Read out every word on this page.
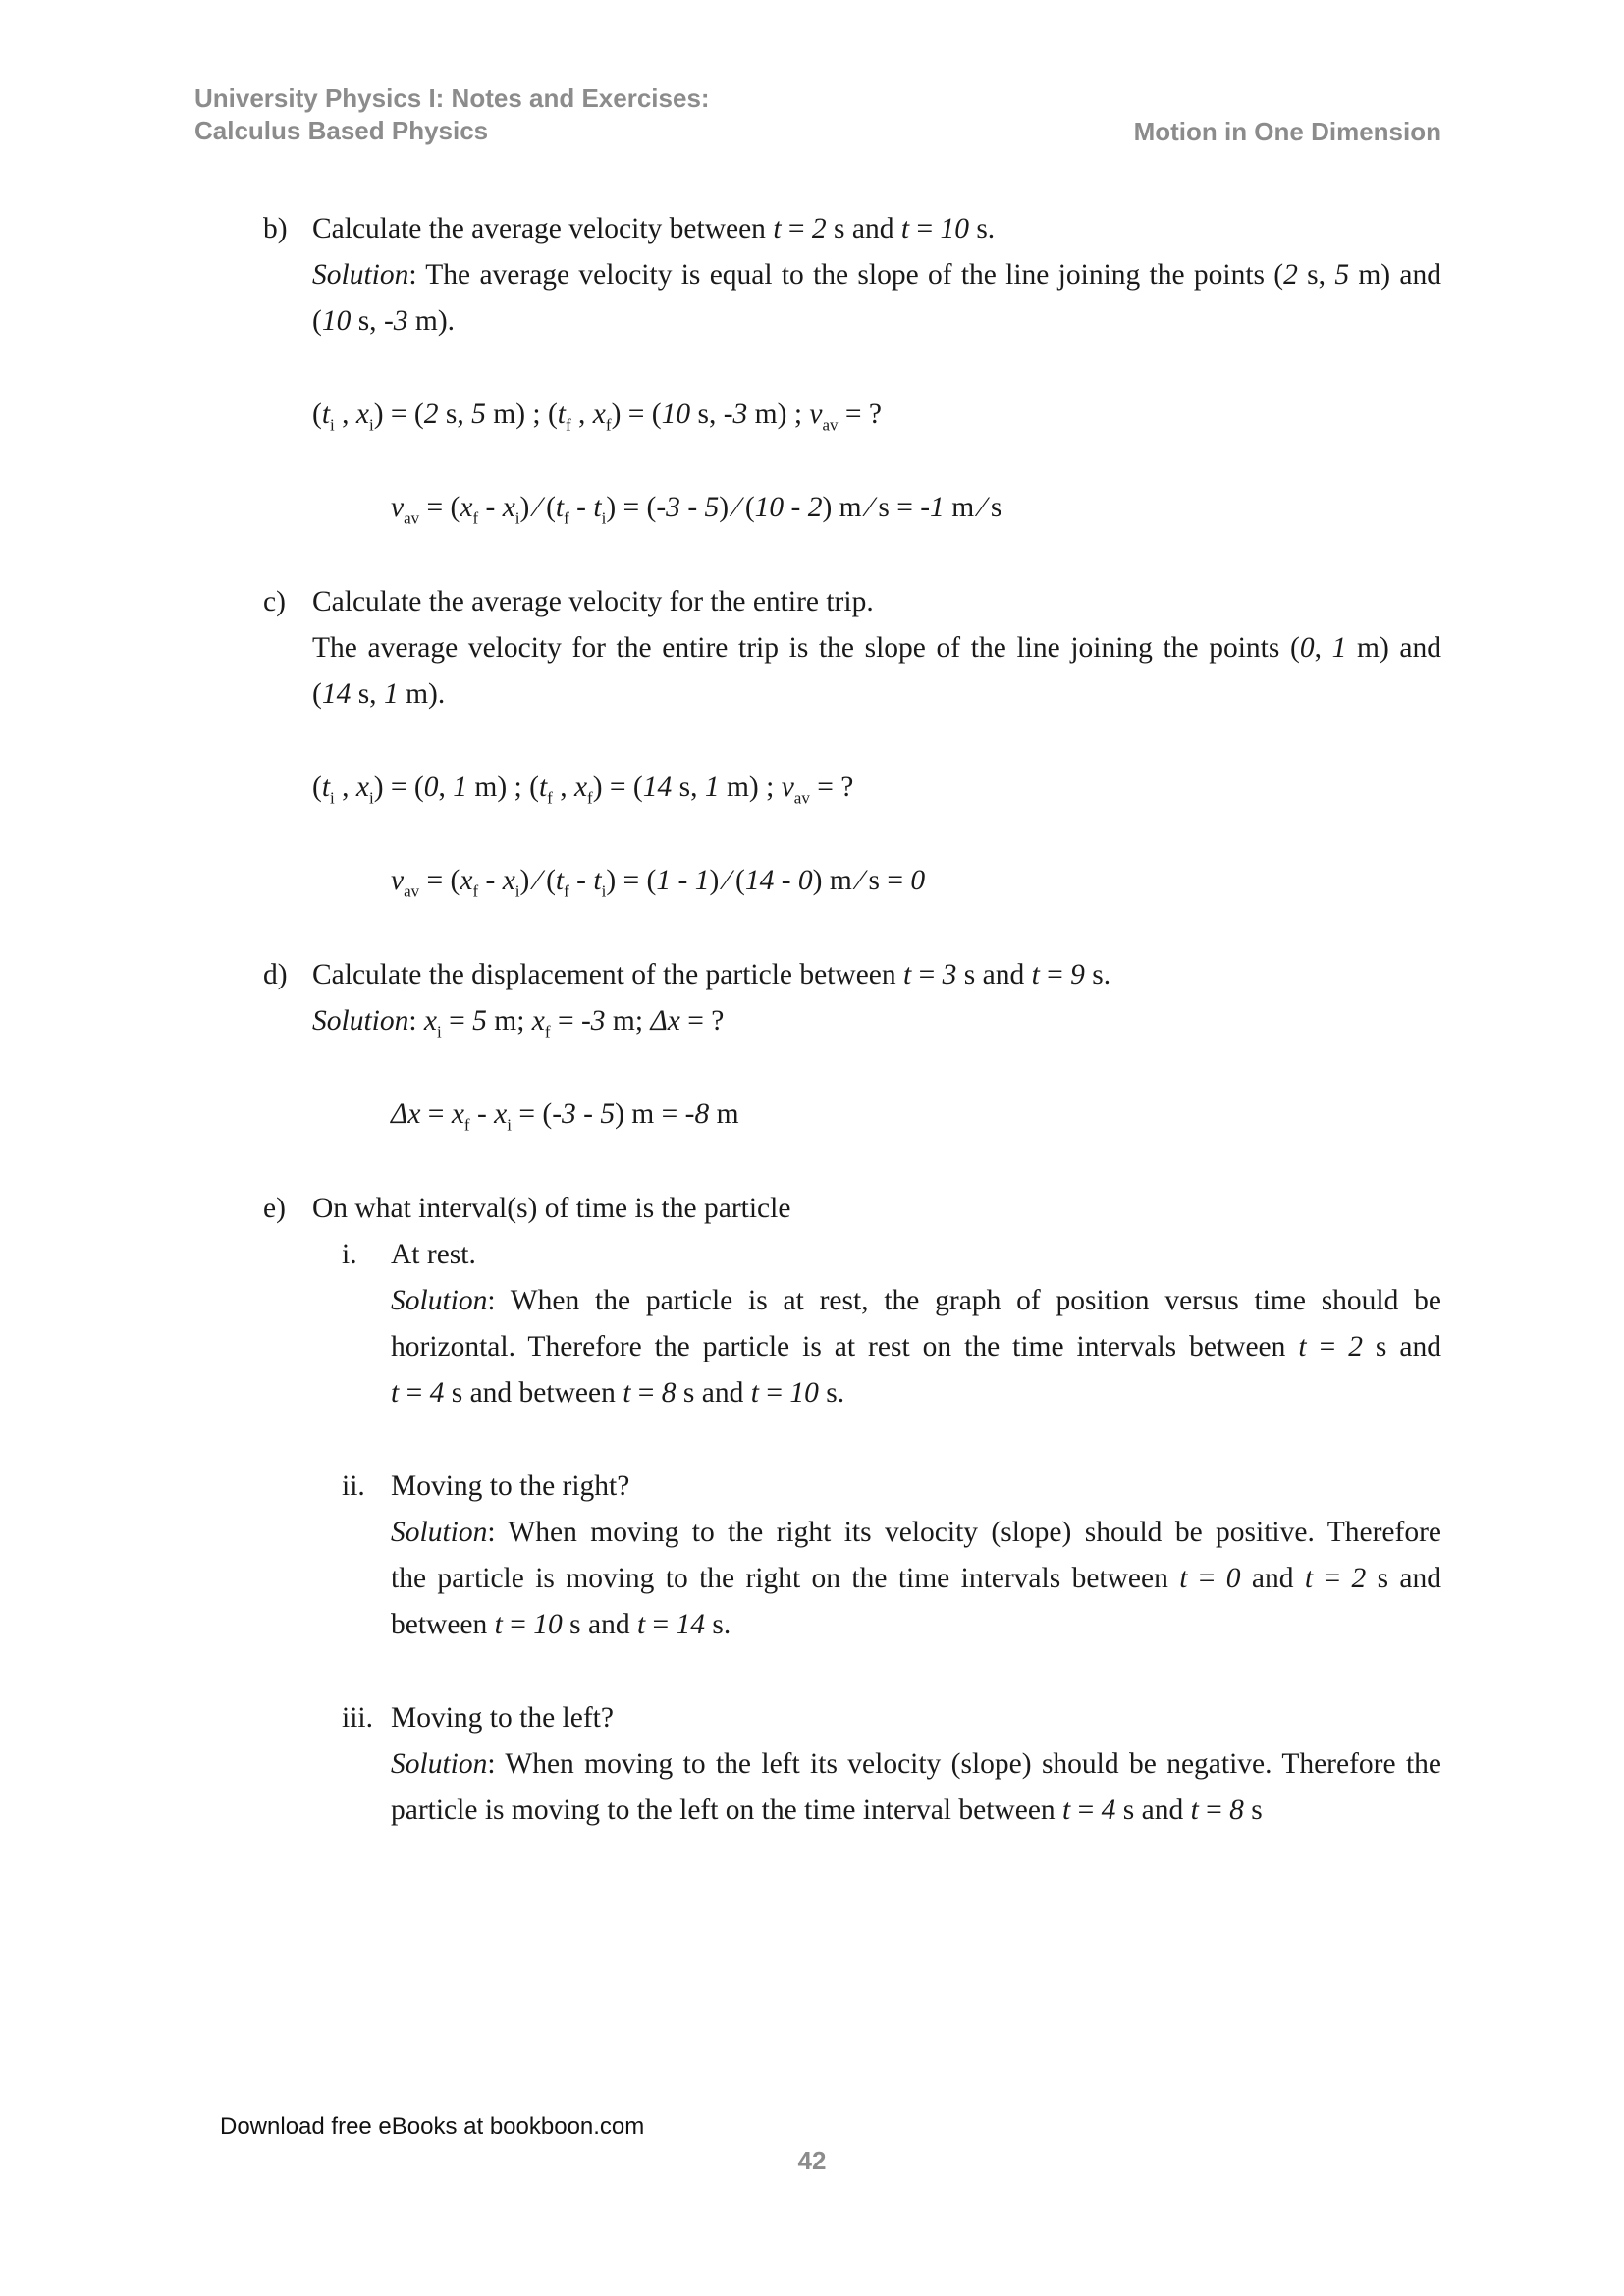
University Physics I: Notes and Exercises:
Calculus Based Physics	Motion in One Dimension
b) Calculate the average velocity between t = 2 s and t = 10 s.
Solution: The average velocity is equal to the slope of the line joining the points (2 s, 5 m) and
(10 s, -3 m).
($t_i$ , $x_i) = (2$ s, 5 m) ; ($t_f$ , $x_f) = (10$ s, -3 m) ; $v_{av}$ = ?
$v_{av} = (x_f - x_i)$ ⁄ $(t_f - t_i) = (-3 - 5)$ ⁄ (10 - 2) m ⁄ s = -1 m ⁄ s
c) Calculate the average velocity for the entire trip.
The average velocity for the entire trip is the slope of the line joining the points (0, 1 m) and
(14 s, 1 m).
($t_i$ , $x_i) = (0$, 1 m) ; ($t_f$ , $x_f) = (14$ s, 1 m) ; $v_{av}$ = ?
$v_{av} = (x_f - x_i)$ ⁄ $(t_f - t_i) = (1 - 1)$ ⁄ (14 - 0) m ⁄ s = 0
d) Calculate the displacement of the particle between t = 3 s and t = 9 s.
Solution: $x_i = 5$ m; $x_f = -3$ m; Δx = ?
$\Delta x = x_f - x_i = (-3 - 5) m = -8$ m
e) On what interval(s) of time is the particle
i. At rest.
Solution: When the particle is at rest, the graph of position versus time should be
horizontal. Therefore the particle is at rest on the time intervals between t = 2 s and
t = 4 s and between t = 8 s and t = 10 s.
ii. Moving to the right?
Solution: When moving to the right its velocity (slope) should be positive. Therefore
the particle is moving to the right on the time intervals between t = 0 and t = 2 s and
between t = 10 s and t = 14 s.
iii. Moving to the left?
Solution: When moving to the left its velocity (slope) should be negative. Therefore the
particle is moving to the left on the time interval between t = 4 s and t = 8 s
Download free eBooks at bookboon.com
42
